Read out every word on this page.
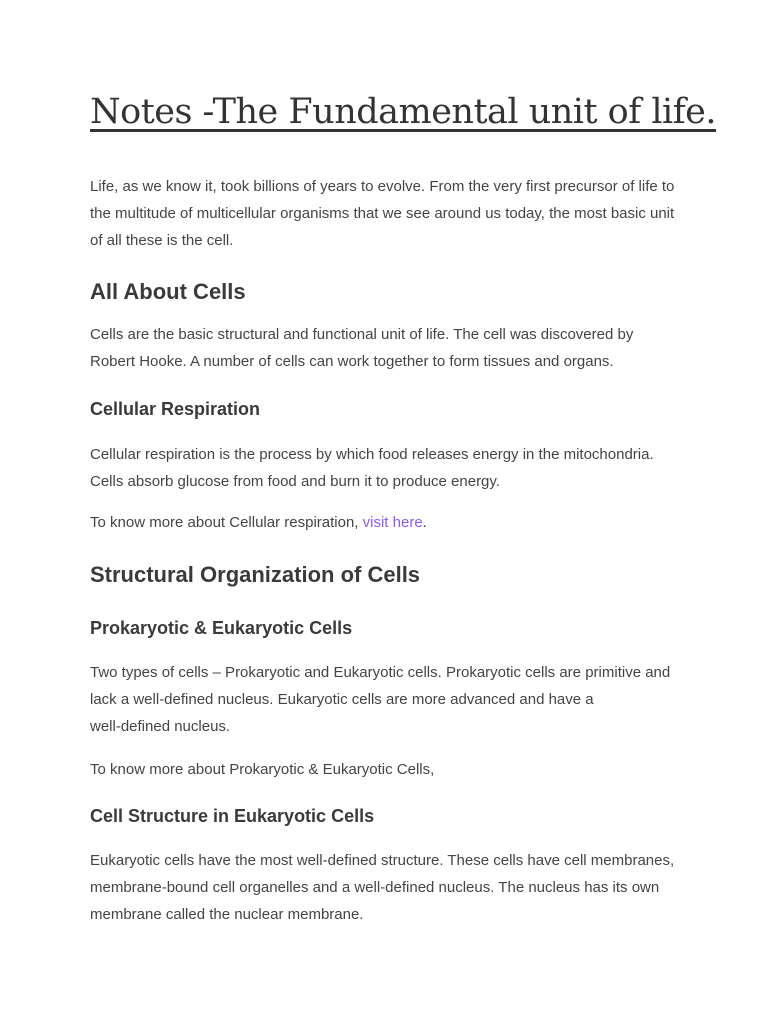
Notes -The Fundamental unit of life.

Life, as we know it, took billions of years to evolve. From the very first precursor of life to
the multitude of multicellular organisms that we see around us today, the most basic unit
of all these is the cell.

All About Cells

Cells are the basic structural and functional unit of life. The cell was discovered by
Robert Hooke. A number of cells can work together to form tissues and organs.

Cellular Respiration

Cellular respiration is the process by which food releases energy in the mitochondria.
Cells absorb glucose from food and burn it to produce energy.

To know more about Cellular respiration, visit here.

Structural Organization of Cells
Prokaryotic & Eukaryotic Cells

Two types of cells – Prokaryotic and Eukaryotic cells. Prokaryotic cells are primitive and
lack a well-defined nucleus. Eukaryotic cells are more advanced and have a
well-defined nucleus.

To know more about Prokaryotic & Eukaryotic Cells,

Cell Structure in Eukaryotic Cells

Eukaryotic cells have the most well-defined structure. These cells have cell membranes,
membrane-bound cell organelles and a well-defined nucleus. The nucleus has its own
membrane called the nuclear membrane.
